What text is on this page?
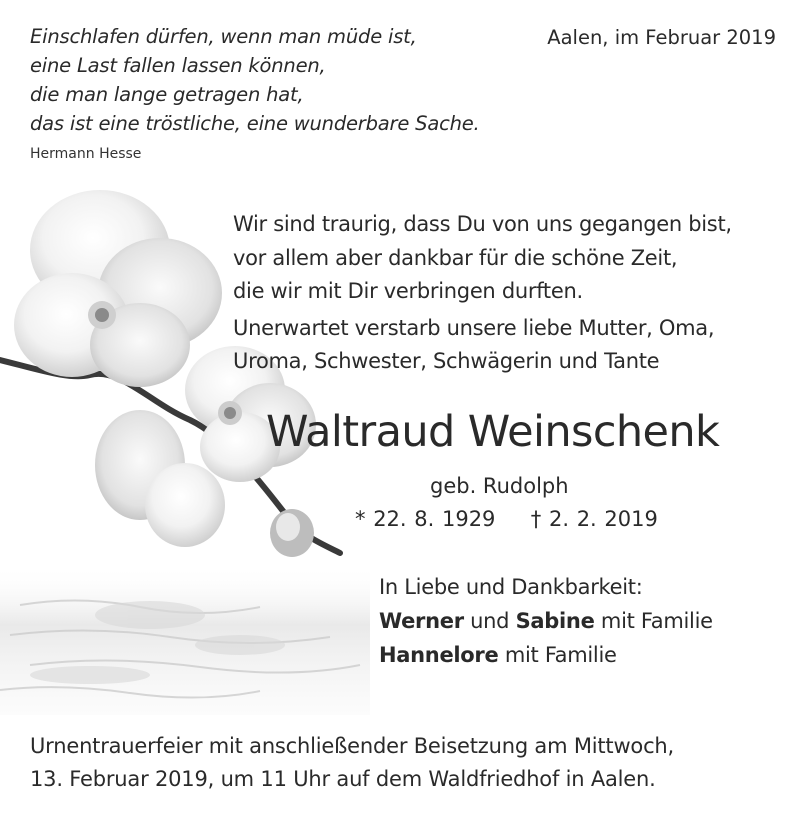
Einschlafen dürfen, wenn man müde ist,
eine Last fallen lassen können,
die man lange getragen hat,
das ist eine tröstliche, eine wunderbare Sache.
Hermann Hesse
Aalen, im Februar 2019
Wir sind traurig, dass Du von uns gegangen bist,
vor allem aber dankbar für die schöne Zeit,
die wir mit Dir verbringen durften.
Unerwartet verstarb unsere liebe Mutter, Oma,
Uroma, Schwester, Schwägerin und Tante
Waltraud Weinschenk
geb. Rudolph
* 22. 8. 1929 † 2. 2. 2019
In Liebe und Dankbarkeit:
Werner und Sabine mit Familie
Hannelore mit Familie
Urnentrauerfeier mit anschließender Beisetzung am Mittwoch,
13. Februar 2019, um 11 Uhr auf dem Waldfriedhof in Aalen.
